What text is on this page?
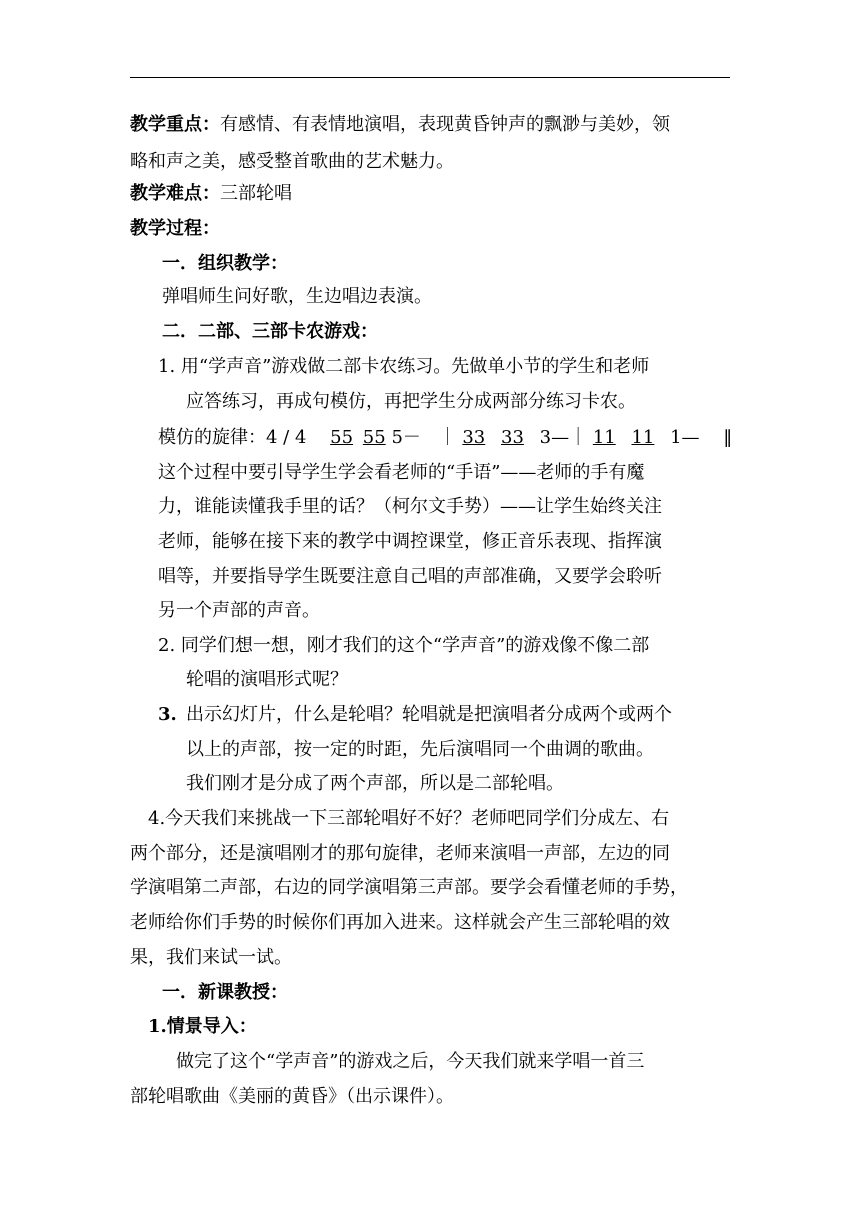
教学重点：有感情、有表情地演唱，表现黄昏钟声的飘渺与美妙，领
略和声之美，感受整首歌曲的艺术魅力。
教学难点：三部轮唱
教学过程：
一．组织教学：
弹唱师生问好歌，生边唱边表演。
二．二部、三部卡农游戏：
1. 用“学声音”游戏做二部卡农练习。先做单小节的学生和老师
应答练习，再成句模仿，再把学生分成两部分练习卡农。
模仿的旋律：4 / 4 55 55 5－ ｜ 33 33 3—｜ 11 11 1— ‖
这个过程中要引导学生学会看老师的“手语”——老师的手有魔
力，谁能读懂我手里的话？（柯尔文手势）——让学生始终关注
老师，能够在接下来的教学中调控课堂，修正音乐表现、指挥演
唱等，并要指导学生既要注意自己唱的声部准确，又要学会聆听
另一个声部的声音。
2. 同学们想一想，刚才我们的这个“学声音”的游戏像不像二部
轮唱的演唱形式呢？
3. 出示幻灯片，什么是轮唱？轮唱就是把演唱者分成两个或两个
以上的声部，按一定的时距，先后演唱同一个曲调的歌曲。
我们刚才是分成了两个声部，所以是二部轮唱。
4.今天我们来挑战一下三部轮唱好不好？老师吧同学们分成左、右
两个部分，还是演唱刚才的那句旋律，老师来演唱一声部，左边的同
学演唱第二声部，右边的同学演唱第三声部。要学会看懂老师的手势，
老师给你们手势的时候你们再加入进来。这样就会产生三部轮唱的效
果，我们来试一试。
一．新课教授：
1.情景导入：
做完了这个“学声音”的游戏之后，今天我们就来学唱一首三
部轮唱歌曲《美丽的黄昏》（出示课件）。
